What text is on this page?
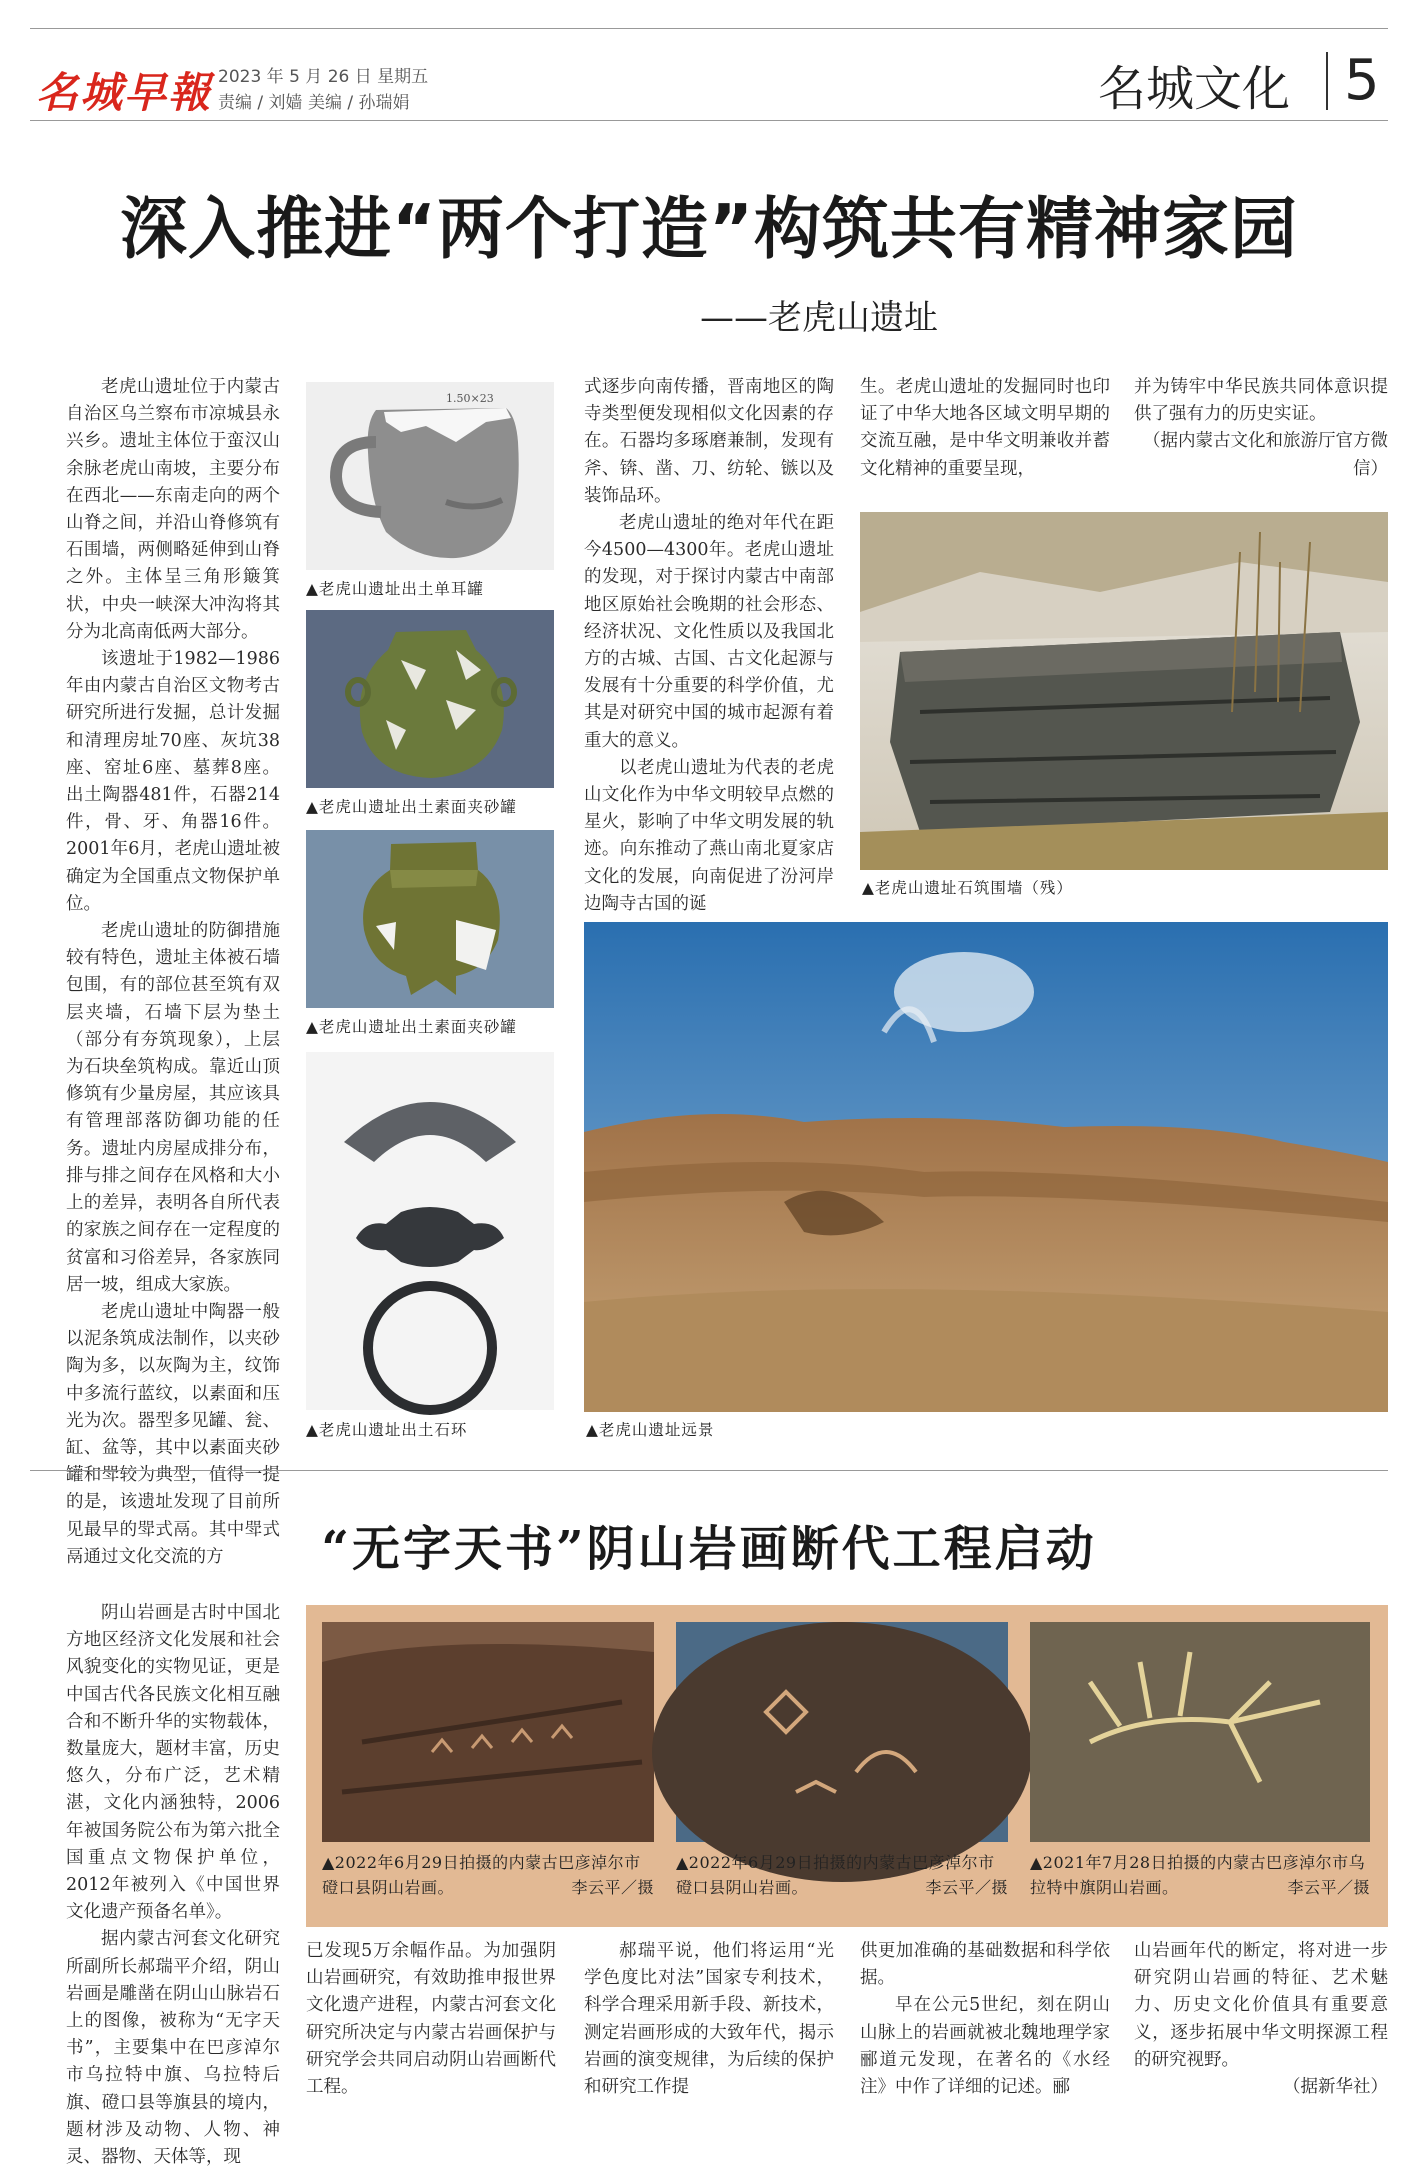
名城早報 2023 年 5 月 26 日 星期五
责编 / 刘嫱 美编 / 孙瑞娟	名城文化 5
深入推进“两个打造”构筑共有精神家园
——老虎山遗址

老虎山遗址位于内蒙古自治区乌兰察布市凉城县永兴乡。遗址主体位于蛮汉山余脉老虎山南坡，主要分布在西北——东南走向的两个山脊之间，并沿山脊修筑有石围墙，两侧略延伸到山脊之外。主体呈三角形簸箕状，中央一峡深大冲沟将其分为北高南低两大部分。

该遗址于1982—1986年由内蒙古自治区文物考古研究所进行发掘，总计发掘和清理房址70座、灰坑38座、窑址6座、墓葬8座。出土陶器481件，石器214件，骨、牙、角器16件。2001年6月，老虎山遗址被确定为全国重点文物保护单位。

老虎山遗址的防御措施较有特色，遗址主体被石墙包围，有的部位甚至筑有双层夹墙，石墙下层为垫土（部分有夯筑现象），上层为石块垒筑构成。靠近山顶修筑有少量房屋，其应该具有管理部落防御功能的任务。遗址内房屋成排分布，排与排之间存在风格和大小上的差异，表明各自所代表的家族之间存在一定程度的贫富和习俗差异，各家族同居一坡，组成大家族。

老虎山遗址中陶器一般以泥条筑成法制作，以夹砂陶为多，以灰陶为主，纹饰中多流行蓝纹，以素面和压光为次。器型多见罐、瓮、缸、盆等，其中以素面夹砂罐和斝较为典型，值得一提的是，该遗址发现了目前所见最早的斝式鬲。其中斝式鬲通过文化交流的方

1.50×23
▲老虎山遗址出土单耳罐
▲老虎山遗址出土素面夹砂罐
▲老虎山遗址出土素面夹砂罐
▲老虎山遗址出土石环

式逐步向南传播，晋南地区的陶寺类型便发现相似文化因素的存在。石器均多琢磨兼制，发现有斧、锛、凿、刀、纺轮、镞以及装饰品环。

老虎山遗址的绝对年代在距今4500—4300年。老虎山遗址的发现，对于探讨内蒙古中南部地区原始社会晚期的社会形态、经济状况、文化性质以及我国北方的古城、古国、古文化起源与发展有十分重要的科学价值，尤其是对研究中国的城市起源有着重大的意义。

以老虎山遗址为代表的老虎山文化作为中华文明较早点燃的星火，影响了中华文明发展的轨迹。向东推动了燕山南北夏家店文化的发展，向南促进了汾河岸边陶寺古国的诞

生。老虎山遗址的发掘同时也印证了中华大地各区域文明早期的交流互融，是中华文明兼收并蓄文化精神的重要呈现，

并为铸牢中华民族共同体意识提供了强有力的历史实证。

（据内蒙古文化和旅游厅官方微信）

▲老虎山遗址石筑围墙（残）
▲老虎山遗址远景
“无字天书”阴山岩画断代工程启动

阴山岩画是古时中国北方地区经济文化发展和社会风貌变化的实物见证，更是中国古代各民族文化相互融合和不断升华的实物载体，数量庞大，题材丰富，历史悠久，分布广泛，艺术精湛，文化内涵独特，2006年被国务院公布为第六批全国重点文物保护单位，2012年被列入《中国世界文化遗产预备名单》。

据内蒙古河套文化研究所副所长郝瑞平介绍，阴山岩画是雕凿在阴山山脉岩石上的图像，被称为“无字天书”，主要集中在巴彦淖尔市乌拉特中旗、乌拉特后旗、磴口县等旗县的境内，题材涉及动物、人物、神灵、器物、天体等，现

▲2022年6月29日拍摄的内蒙古巴彦淖尔市磴口县阴山岩画。	李云平／摄
▲2022年6月29日拍摄的内蒙古巴彦淖尔市磴口县阴山岩画。	李云平／摄
▲2021年7月28日拍摄的内蒙古巴彦淖尔市乌拉特中旗阴山岩画。	李云平／摄

已发现5万余幅作品。为加强阴山岩画研究，有效助推申报世界文化遗产进程，内蒙古河套文化研究所决定与内蒙古岩画保护与研究学会共同启动阴山岩画断代工程。

郝瑞平说，他们将运用“光学色度比对法”国家专利技术，科学合理采用新手段、新技术，测定岩画形成的大致年代，揭示岩画的演变规律，为后续的保护和研究工作提

供更加准确的基础数据和科学依据。

早在公元5世纪，刻在阴山山脉上的岩画就被北魏地理学家郦道元发现，在著名的《水经注》中作了详细的记述。郦

山岩画年代的断定，将对进一步研究阴山岩画的特征、艺术魅力、历史文化价值具有重要意义，逐步拓展中华文明探源工程的研究视野。

（据新华社）
